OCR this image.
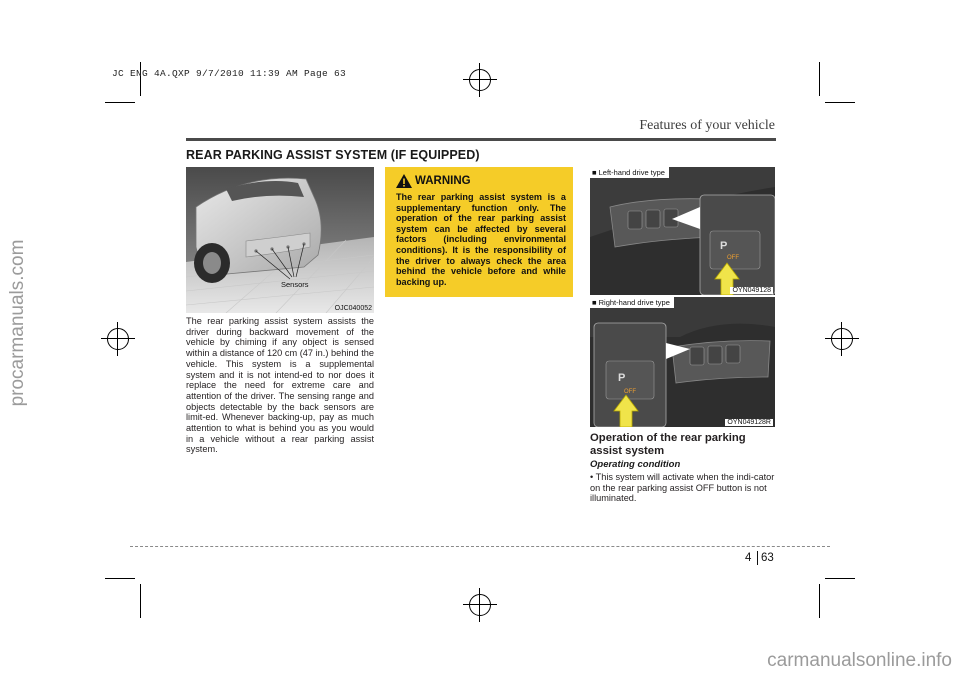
JC ENG 4A.QXP 9/7/2010 11:39 AM Page 63
procarmanuals.com
carmanualsonline.info
Features of your vehicle
REAR PARKING ASSIST SYSTEM (IF EQUIPPED)
Sensors
OJC040052
The rear parking assist system assists the driver during backward movement of the vehicle by chiming if any object is sensed within a distance of 120 cm (47 in.) behind the vehicle. This system is a supplemental system and it is not intend-ed to nor does it replace the need for extreme care and attention of the driver. The sensing range and objects detectable by the back sensors are limit-ed. Whenever backing-up, pay as much attention to what is behind you as you would in a vehicle without a rear parking assist system.
WARNING
The rear parking assist system is a supplementary function only. The operation of the rear parking assist system can be affected by several factors (including environmental conditions). It is the responsibility of the driver to always check the area behind the vehicle before and while backing up.
P
OFF
■ Left-hand drive type
OYN049128
P
OFF
■ Right-hand drive type
OYN049128R
Operation of the rear parking assist system
Operating condition
• This system will activate when the indi-cator on the rear parking assist OFF button is not illuminated.
4 63
